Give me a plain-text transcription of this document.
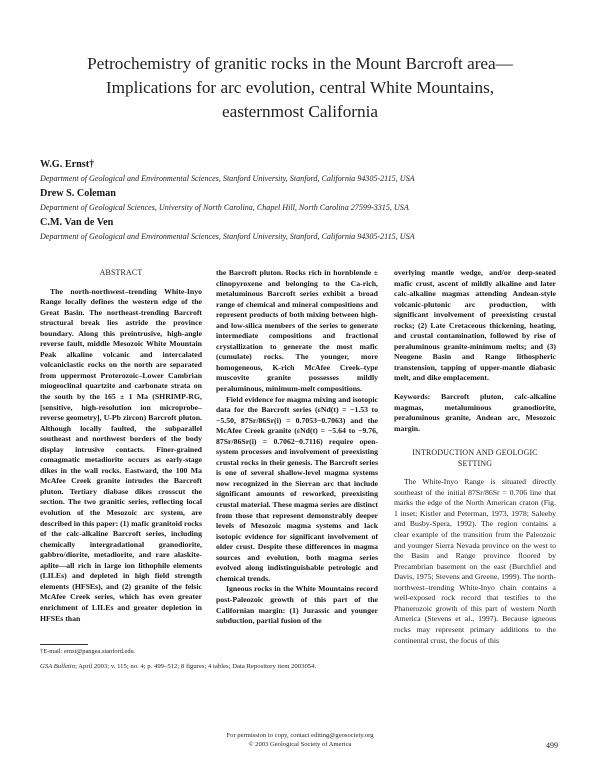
Petrochemistry of granitic rocks in the Mount Barcroft area—
Implications for arc evolution, central White Mountains,
easternmost California
W.G. Ernst†
Department of Geological and Environmental Sciences, Stanford University, Stanford, California 94305-2115, USA
Drew S. Coleman
Department of Geological Sciences, University of North Carolina, Chapel Hill, North Carolina 27599-3315, USA
C.M. Van de Ven
Department of Geological and Environmental Sciences, Stanford University, Stanford, California 94305-2115, USA
ABSTRACT

The north-northwest–trending White-Inyo Range locally defines the western edge of the Great Basin. The northeast-trending Barcroft structural break lies astride the province boundary. Along this preintrusive, high-angle reverse fault, middle Mesozoic White Mountain Peak alkaline volcanic and intercalated volcaniclastic rocks on the north are separated from uppermost Proterozoic–Lower Cambrian miogeoclinal quartzite and carbonate strata on the south by the 165 ± 1 Ma (SHRIMP-RG, [sensitive, high-resolution ion microprobe–reverse geometry], U-Pb zircon) Barcroft pluton. Although locally faulted, the subparallel southeast and northwest borders of the body display intrusive contacts. Finer-grained comagmatic metadiorite occurs as early-stage dikes in the wall rocks. Eastward, the 100 Ma McAfee Creek granite intrudes the Barcroft pluton. Tertiary diabase dikes crosscut the section. The two granitic series, reflecting local evolution of the Mesozoic arc system, are described in this paper: (1) mafic granitoid rocks of the calc-alkaline Barcroft series, including chemically intergradational granodiorite, gabbro/diorite, metadiorite, and rare alaskite-aplite—all rich in large ion lithophile elements (LILEs) and depleted in high field strength elements (HFSEs), and (2) granite of the felsic McAfee Creek series, which has even greater enrichment of LILEs and greater depletion in HFSEs than

the Barcroft pluton. Rocks rich in hornblende ± clinopyroxene and belonging to the Ca-rich, metaluminous Barcroft series exhibit a broad range of chemical and mineral compositions and represent products of both mixing between high- and low-silica members of the series to generate intermediate compositions and fractional crystallization to generate the most mafic (cumulate) rocks. The younger, more homogeneous, K-rich McAfee Creek–type muscovite granite possesses mildly peraluminous, minimum-melt compositions.

Field evidence for magma mixing and isotopic data for the Barcroft series (εNd(t) = −1.53 to −5.50, 87Sr/86Sr(i) = 0.7053−0.7063) and the McAfee Creek granite (εNd(t) = −5.64 to −9.76, 87Sr/86Sr(i) = 0.7062−0.7116) require open-system processes and involvement of preexisting crustal rocks in their genesis. The Barcroft series is one of several shallow-level magma systems now recognized in the Sierran arc that include significant amounts of reworked, preexisting crustal material. These magma series are distinct from those that represent demonstrably deeper levels of Mesozoic magma systems and lack isotopic evidence for significant involvement of older crust. Despite these differences in magma sources and evolution, both magma series evolved along indistinguishable petrologic and chemical trends.

Igneous rocks in the White Mountains record post-Paleozoic growth of this part of the Californian margin: (1) Jurassic and younger subduction, partial fusion of the

overlying mantle wedge, and/or deep-seated mafic crust, ascent of mildly alkaline and later calc-alkaline magmas attending Andean-style volcanic-plutonic arc production, with significant involvement of preexisting crustal rocks; (2) Late Cretaceous thickening, heating, and crustal contamination, followed by rise of peraluminous granite-minimum melts; and (3) Neogene Basin and Range lithospheric transtension, tapping of upper-mantle diabasic melt, and dike emplacement.

Keywords: Barcroft pluton, calc-alkaline magmas, metaluminous granodiorite, peraluminous granite, Andean arc, Mesozoic margin.

INTRODUCTION AND GEOLOGIC
SETTING

The White-Inyo Range is situated directly southeast of the initial 87Sr/86Sr = 0.706 line that marks the edge of the North American craton (Fig. 1 inset; Kistler and Peterman, 1973, 1978; Saleeby and Busby-Spera, 1992). The region contains a clear example of the transition from the Paleozoic and younger Sierra Nevada province on the west to the Basin and Range province floored by Precambrian basement on the east (Burchfiel and Davis, 1975; Stevens and Greene, 1999). The north-northwest–trending White-Inyo chain contains a well-exposed rock record that testifies to the Phanerozoic growth of this part of western North America (Stevens et al., 1997). Because igneous rocks may represent primary additions to the continental crust, the focus of this

†E-mail: ernst@pangea.stanford.edu.
GSA Bulletin; April 2003; v. 115; no. 4; p. 499–512; 8 figures; 4 tables; Data Repository item 2003054.
For permission to copy, contact editing@geosociety.org
© 2003 Geological Society of America	499
